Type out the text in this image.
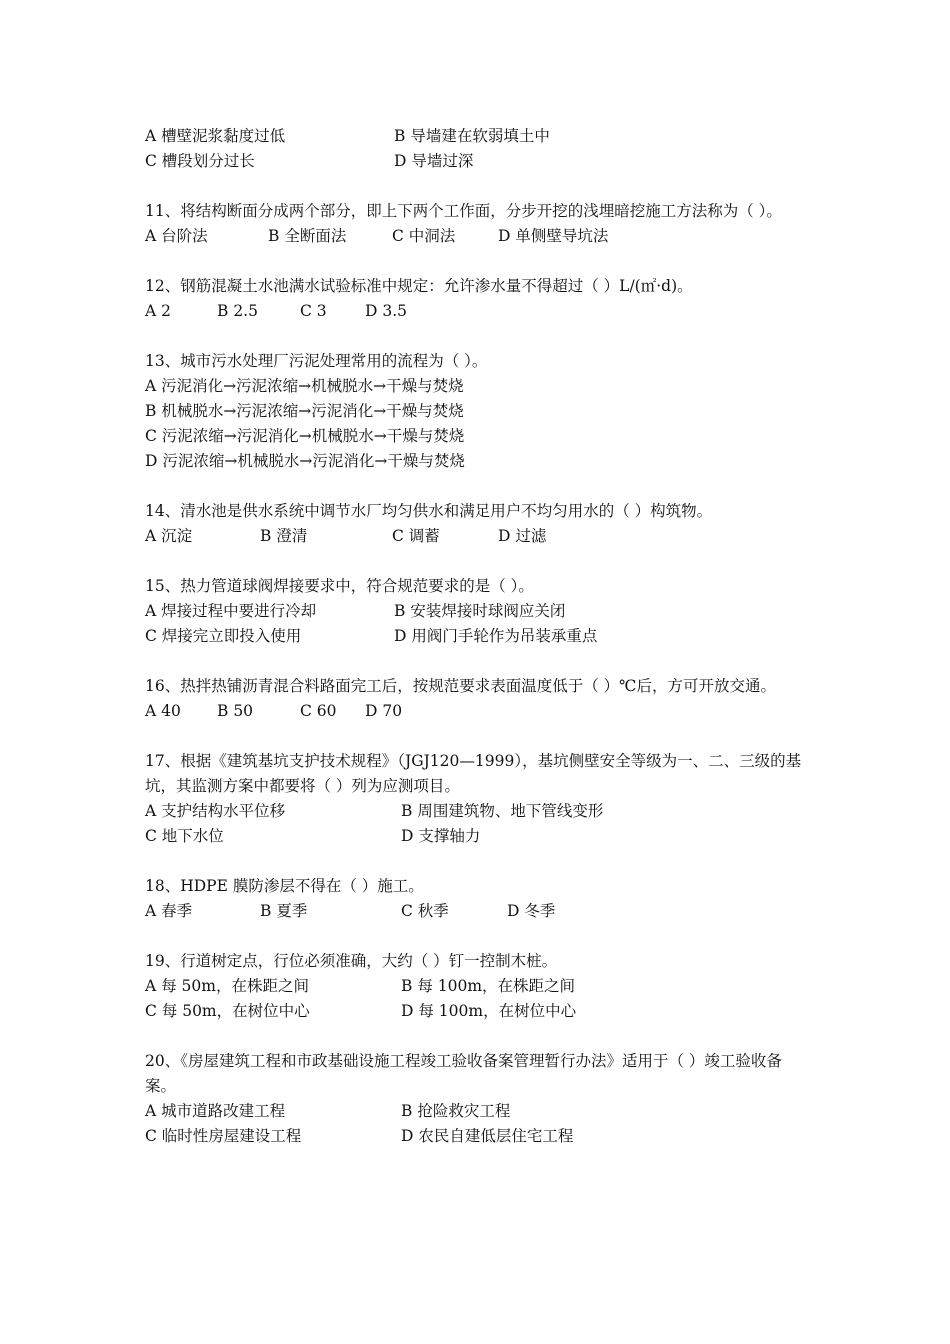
A 槽壁泥浆黏度过低	B 导墙建在软弱填土中
C 槽段划分过长	D 导墙过深
11、将结构断面分成两个部分，即上下两个工作面，分步开挖的浅埋暗挖施工方法称为（ ）。
A 台阶法	B 全断面法	C 中洞法	D 单侧壁导坑法
12、钢筋混凝土水池满水试验标准中规定：允许渗水量不得超过（ ）L/(㎡·d)。
A 2	B 2.5	C 3 D 3.5
13、城市污水处理厂污泥处理常用的流程为（ ）。
A 污泥消化→污泥浓缩→机械脱水→干燥与焚烧
B 机械脱水→污泥浓缩→污泥消化→干燥与焚烧
C 污泥浓缩→污泥消化→机械脱水→干燥与焚烧
D 污泥浓缩→机械脱水→污泥消化→干燥与焚烧
14、清水池是供水系统中调节水厂均匀供水和满足用户不均匀用水的（ ）构筑物。
A 沉淀	B 澄清	C 调蓄	D 过滤
15、热力管道球阀焊接要求中，符合规范要求的是（ ）。
A 焊接过程中要进行冷却	B 安装焊接时球阀应关闭
C 焊接完立即投入使用	D 用阀门手轮作为吊装承重点
16、热拌热铺沥青混合料路面完工后，按规范要求表面温度低于（ ）℃后，方可开放交通。
A 40 B 50	C 60 D 70
17、根据《建筑基坑支护技术规程》（JGJ120—1999），基坑侧壁安全等级为一、二、三级的基坑，其监测方案中都要将（ ）列为应测项目。
A 支护结构水平位移	B 周围建筑物、地下管线变形
C 地下水位	D 支撑轴力
18、HDPE 膜防渗层不得在（ ）施工。
A 春季	B 夏季	C 秋季	D 冬季
19、行道树定点，行位必须准确，大约（ ）钉一控制木桩。
A 每 50m，在株距之间	B 每 100m，在株距之间
C 每 50m，在树位中心	D 每 100m，在树位中心
20、《房屋建筑工程和市政基础设施工程竣工验收备案管理暂行办法》适用于（ ）竣工验收备案。
A 城市道路改建工程	B 抢险救灾工程
C 临时性房屋建设工程	D 农民自建低层住宅工程
